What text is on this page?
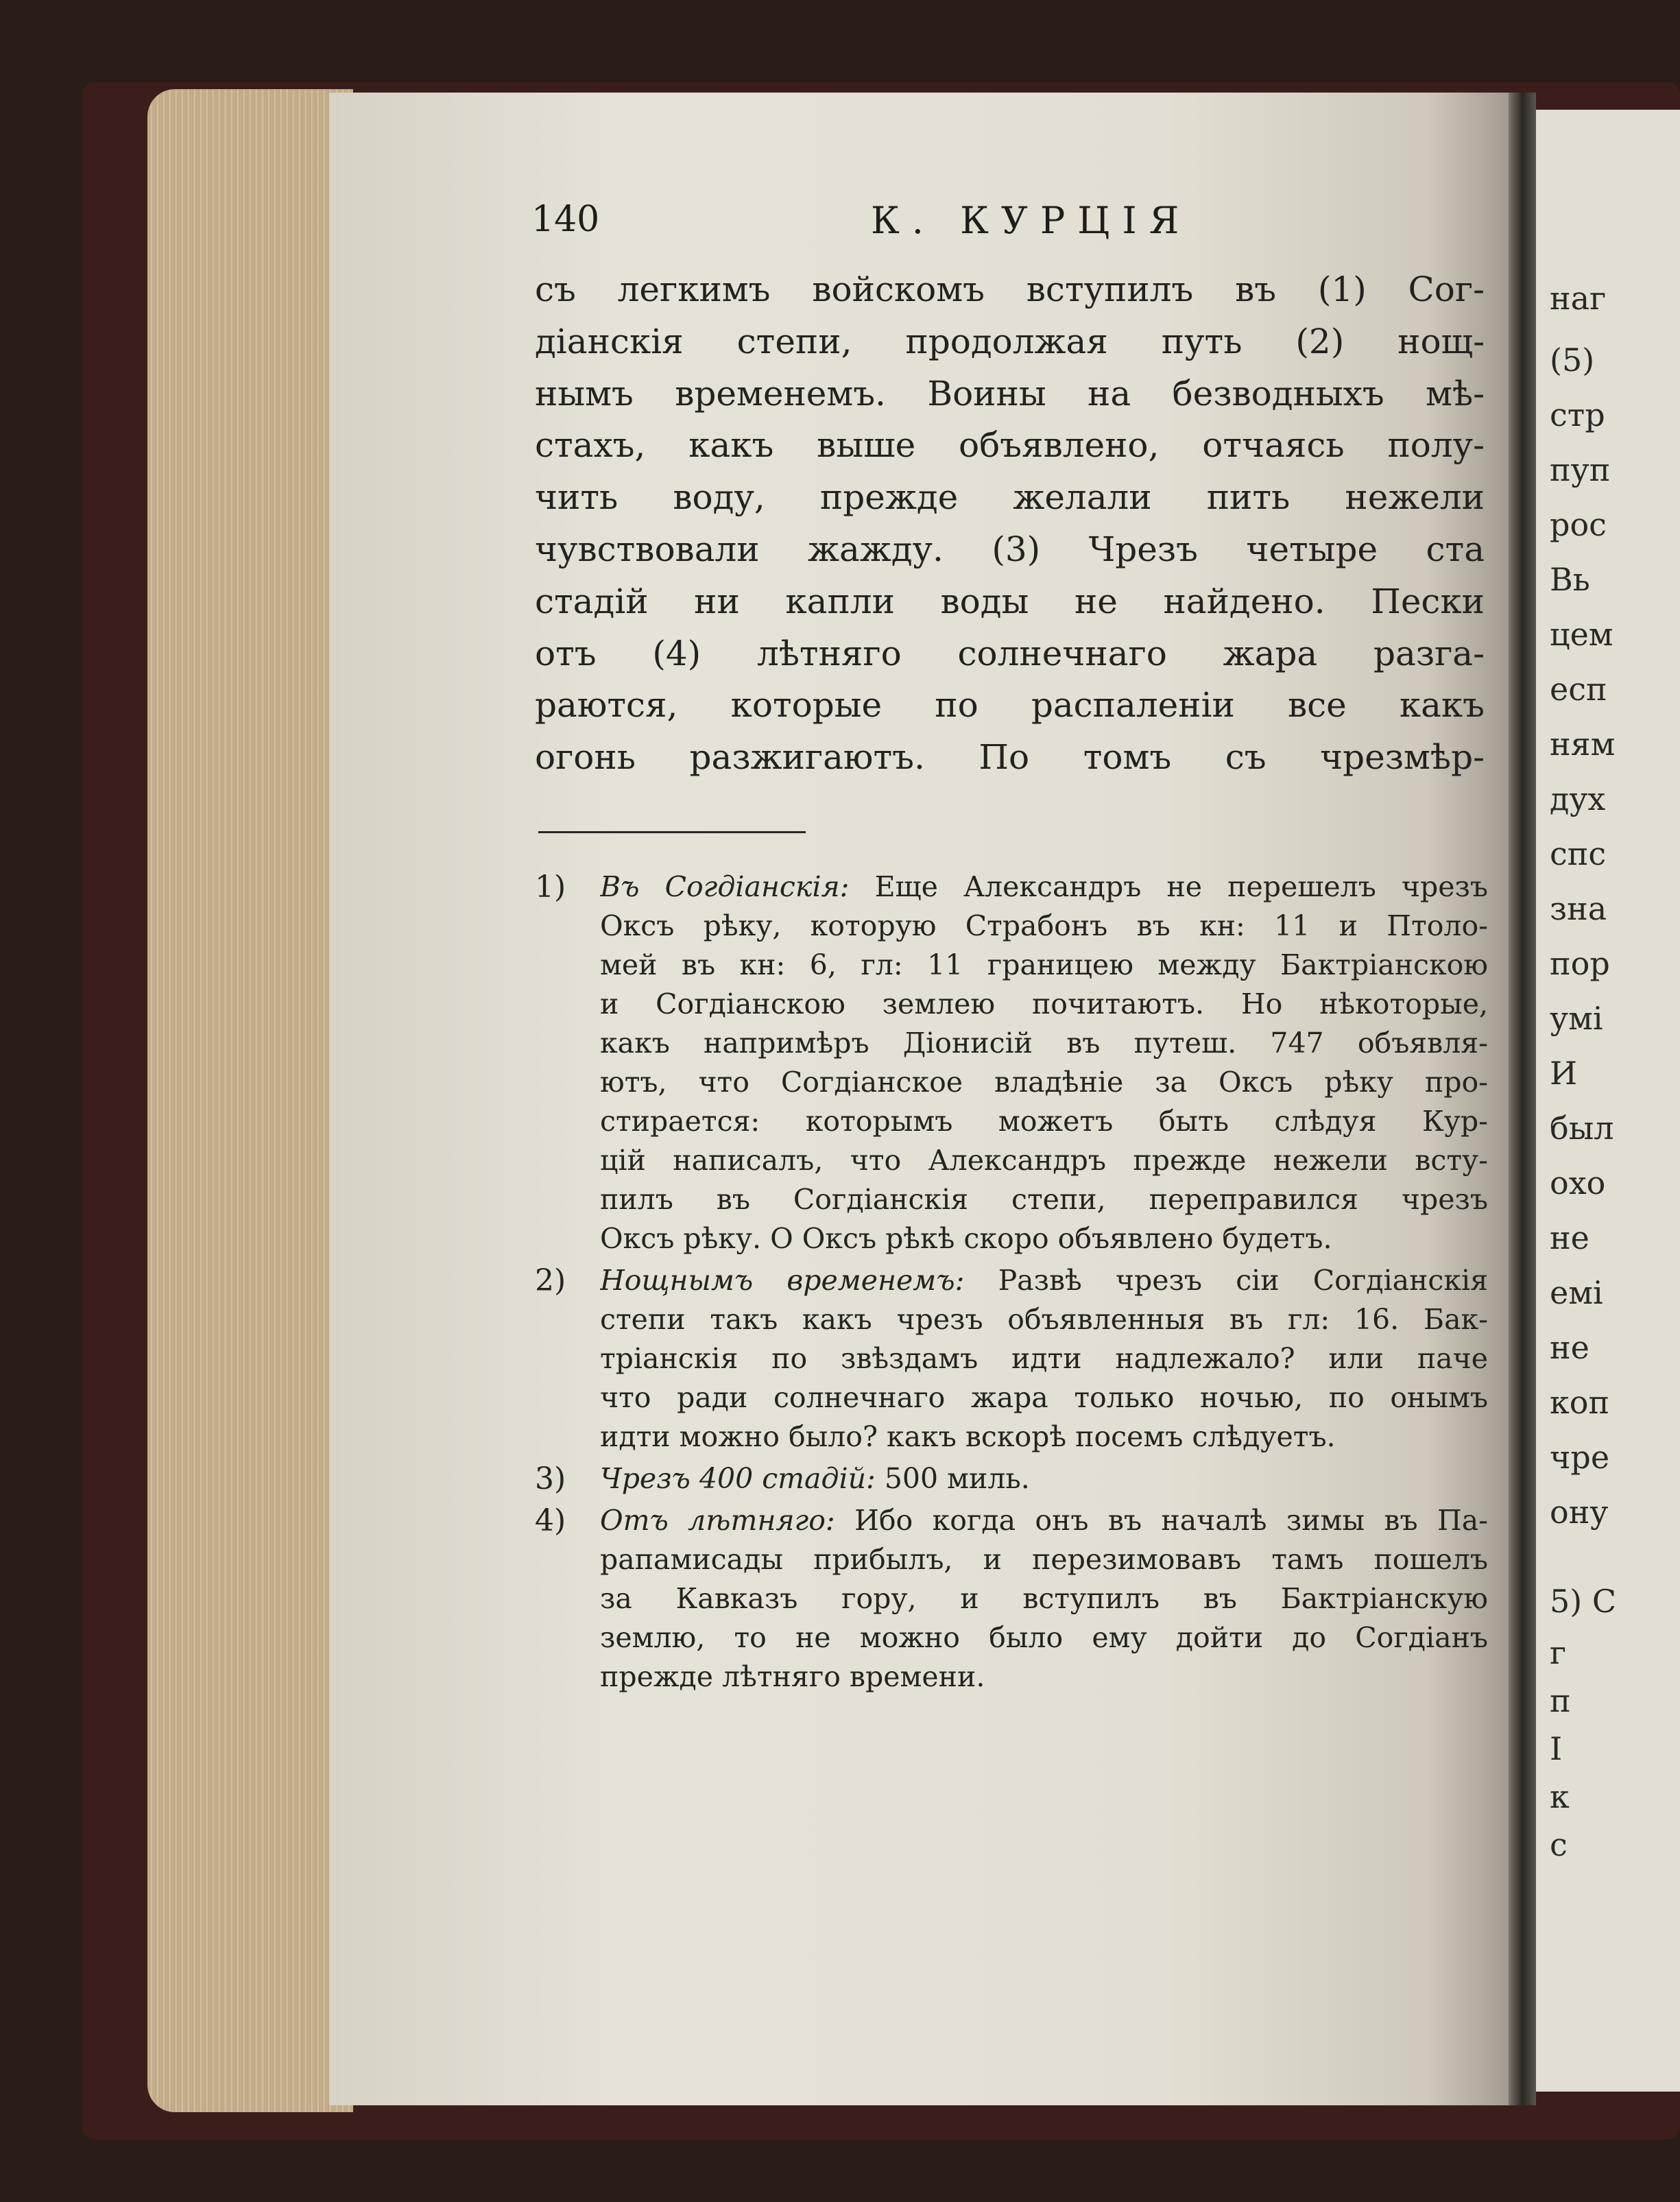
наг
(5)
стр
пуп
рос
Вь
цем
есп
ням
дух
спс
зна
пор
умі
И
был
охо
не
емі
не
коп
чре
ону
5) С
г
п
І
к
с
140	К. КУРЦІЯ
съ легкимъ войскомъ вступилъ въ (1) Сог-
діанскія степи, продолжая путь (2) нощ-
нымъ временемъ. Воины на безводныхъ мѣ-
стахъ, какъ выше объявлено, отчаясь полу-
чить воду, прежде желали пить нежели
чувствовали жажду. (3) Чрезъ четыре ста
стадій ни капли воды не найдено. Пески
отъ (4) лѣтняго солнечнаго жара разга-
раются, которые по распаленіи все какъ
огонь разжигаютъ. По томъ съ чрезмѣр-
1) Въ Согдіанскія: Еще Александръ не перешелъ чрезъ
Оксъ рѣку, которую Страбонъ въ кн: 11 и Птоло-
мей въ кн: 6, гл: 11 границею между Бактріанскою
и Согдіанскою землею почитаютъ. Но нѣкоторые,
какъ напримѣръ Діонисій въ путеш. 747 объявля-
ютъ, что Согдіанское владѣніе за Оксъ рѣку про-
стирается: которымъ можетъ быть слѣдуя Кур-
цій написалъ, что Александръ прежде нежели всту-
пилъ въ Согдіанскія степи, переправился чрезъ
Оксъ рѣку. О Оксъ рѣкѣ скоро объявлено будетъ.
2) Нощнымъ временемъ: Развѣ чрезъ сіи Согдіанскія
степи такъ какъ чрезъ объявленныя въ гл: 16. Бак-
тріанскія по звѣздамъ идти надлежало? или паче
что ради солнечнаго жара только ночью, по онымъ
идти можно было? какъ вскорѣ посемъ слѣдуетъ.
3) Чрезъ 400 стадій: 500 миль.
4) Отъ лѣтняго: Ибо когда онъ въ началѣ зимы въ Па-
рапамисады прибылъ, и перезимовавъ тамъ пошелъ
за Кавказъ гору, и вступилъ въ Бактріанскую
землю, то не можно было ему дойти до Согдіанъ
прежде лѣтняго времени.
